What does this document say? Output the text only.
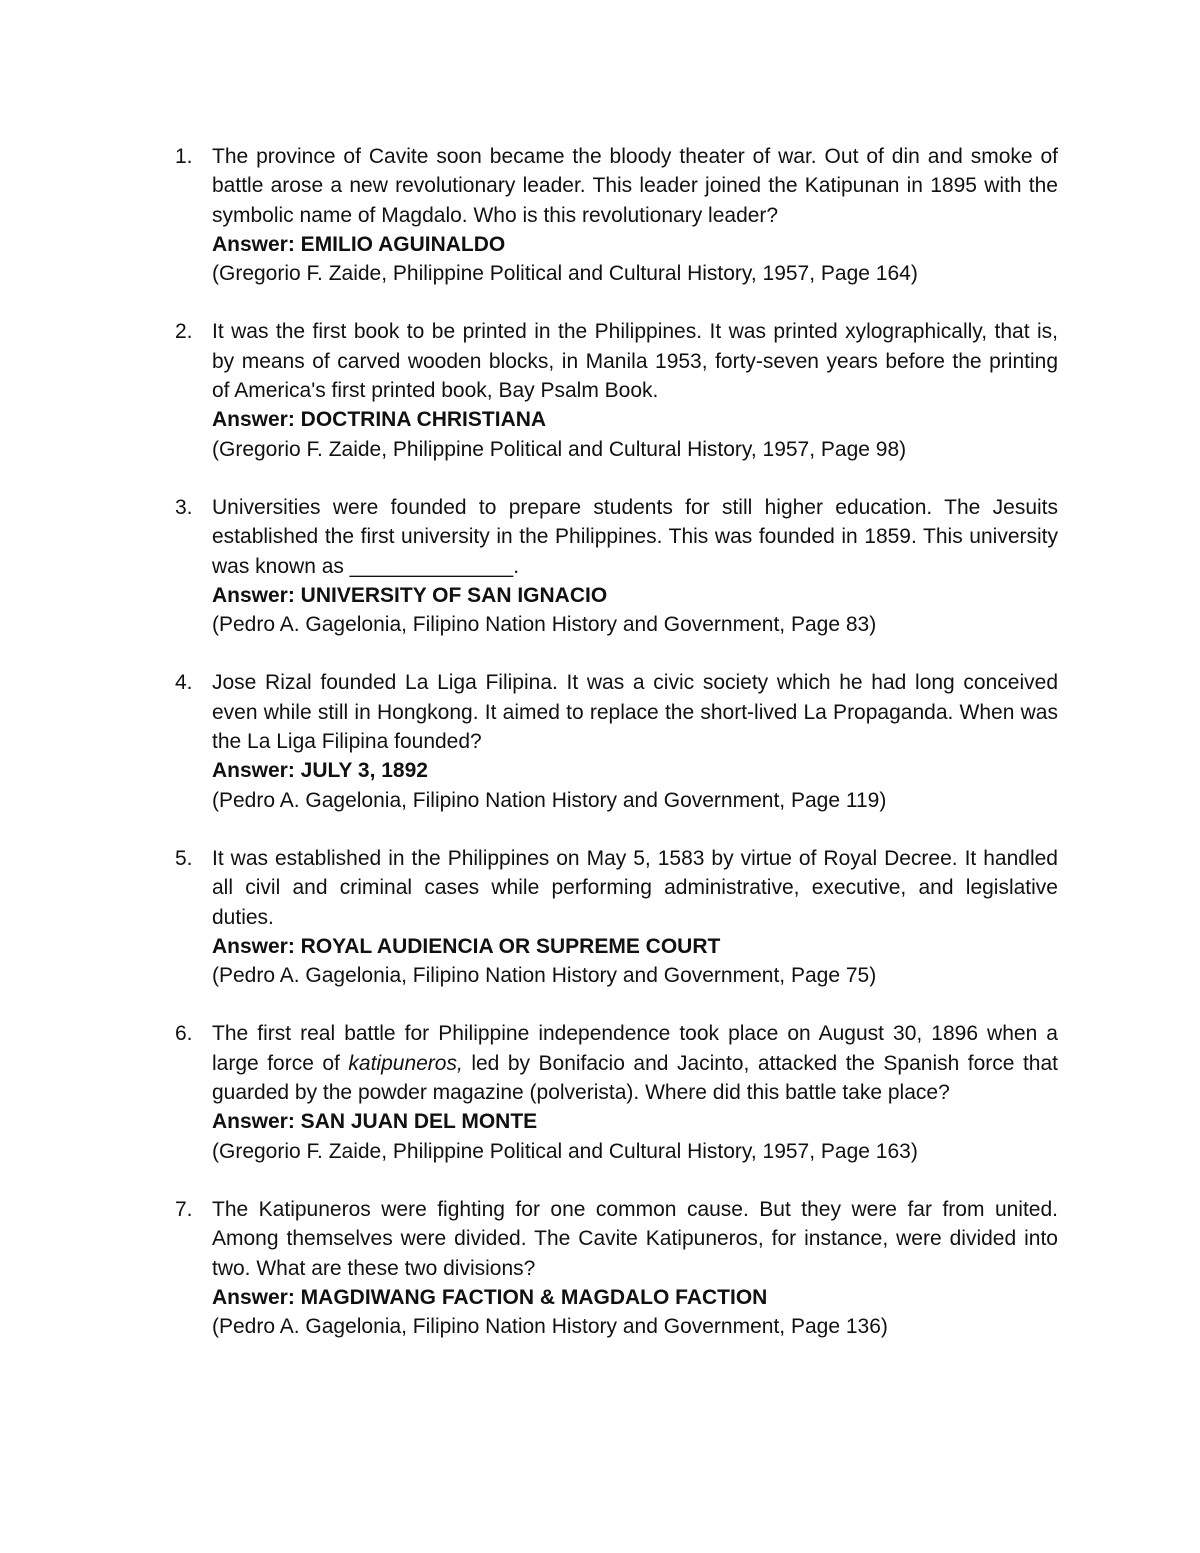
1. The province of Cavite soon became the bloody theater of war. Out of din and smoke of battle arose a new revolutionary leader. This leader joined the Katipunan in 1895 with the symbolic name of Magdalo. Who is this revolutionary leader?

Answer: EMILIO AGUINALDO

(Gregorio F. Zaide, Philippine Political and Cultural History, 1957, Page 164)

2. It was the first book to be printed in the Philippines. It was printed xylographically, that is, by means of carved wooden blocks, in Manila 1953, forty-seven years before the printing of America's first printed book, Bay Psalm Book.

Answer: DOCTRINA CHRISTIANA

(Gregorio F. Zaide, Philippine Political and Cultural History, 1957, Page 98)

3. Universities were founded to prepare students for still higher education. The Jesuits established the first university in the Philippines. This was founded in 1859. This university was known as ______________.

Answer: UNIVERSITY OF SAN IGNACIO

(Pedro A. Gagelonia, Filipino Nation History and Government, Page 83)

4. Jose Rizal founded La Liga Filipina. It was a civic society which he had long conceived even while still in Hongkong. It aimed to replace the short-lived La Propaganda. When was the La Liga Filipina founded?

Answer: JULY 3, 1892

(Pedro A. Gagelonia, Filipino Nation History and Government, Page 119)

5. It was established in the Philippines on May 5, 1583 by virtue of Royal Decree. It handled all civil and criminal cases while performing administrative, executive, and legislative duties.

Answer: ROYAL AUDIENCIA OR SUPREME COURT

(Pedro A. Gagelonia, Filipino Nation History and Government, Page 75)

6. The first real battle for Philippine independence took place on August 30, 1896 when a large force of katipuneros, led by Bonifacio and Jacinto, attacked the Spanish force that guarded by the powder magazine (polverista). Where did this battle take place?

Answer: SAN JUAN DEL MONTE

(Gregorio F. Zaide, Philippine Political and Cultural History, 1957, Page 163)

7. The Katipuneros were fighting for one common cause. But they were far from united. Among themselves were divided. The Cavite Katipuneros, for instance, were divided into two. What are these two divisions?

Answer: MAGDIWANG FACTION & MAGDALO FACTION

(Pedro A. Gagelonia, Filipino Nation History and Government, Page 136)
